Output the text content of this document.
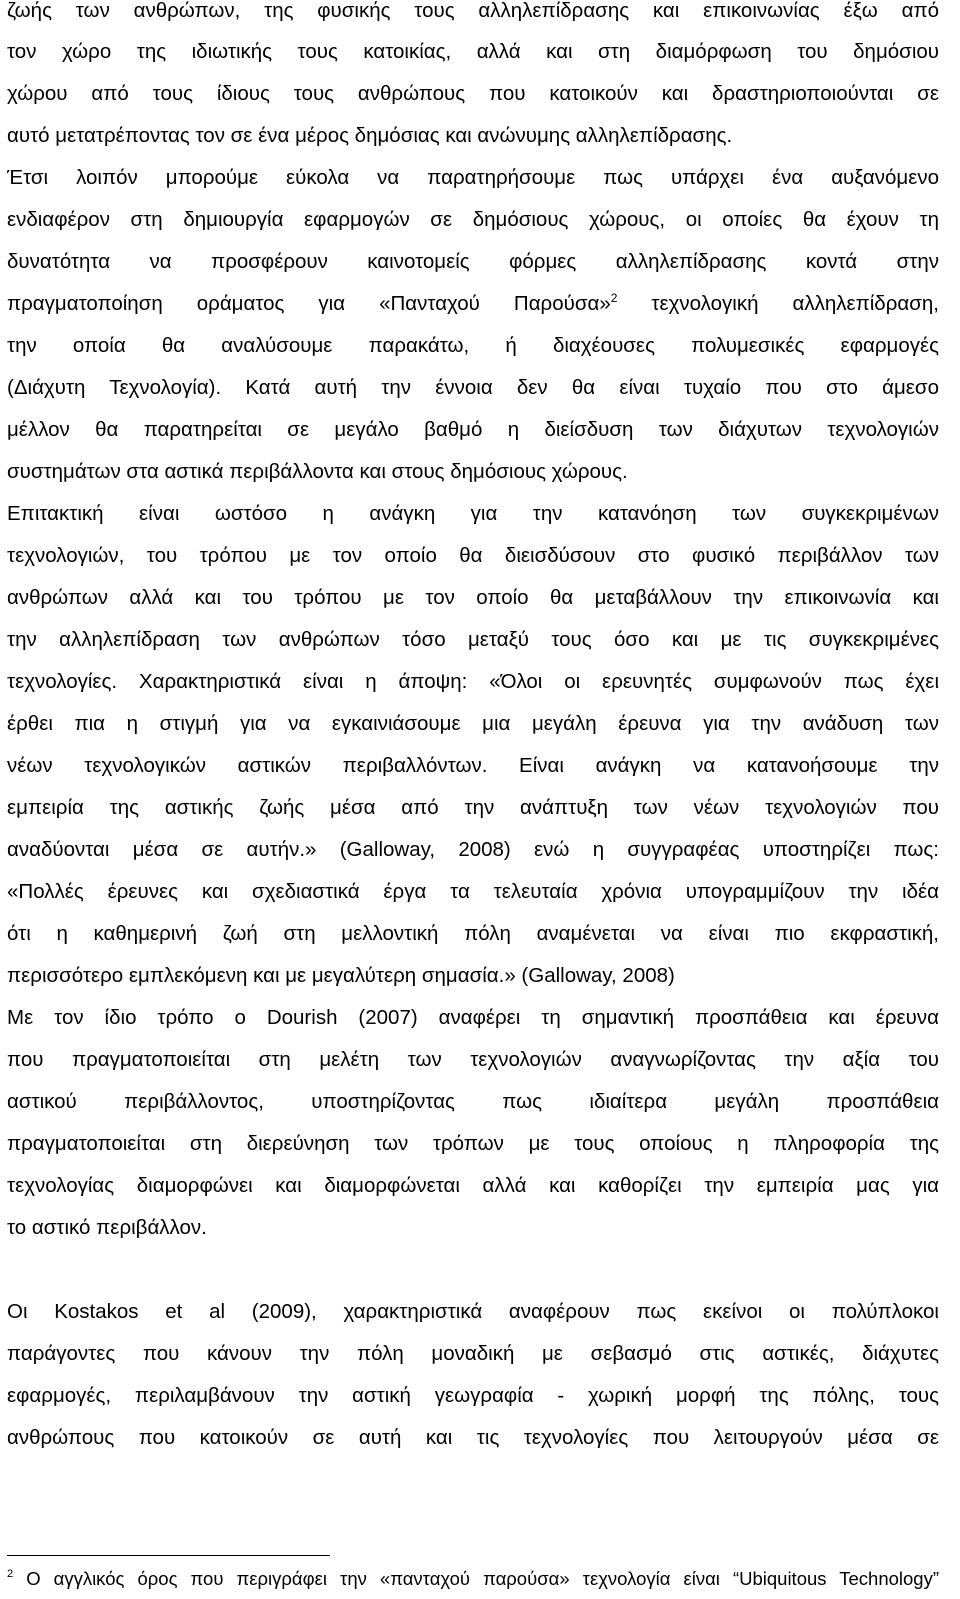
ζωής των ανθρώπων, της φυσικής τους αλληλεπίδρασης και επικοινωνίας έξω από
τον χώρο της ιδιωτικής τους κατοικίας, αλλά και στη διαμόρφωση του δημόσιου
χώρου από τους ίδιους τους ανθρώπους που κατοικούν και δραστηριοποιούνται σε
αυτό μετατρέποντας τον σε ένα μέρος δημόσιας και ανώνυμης αλληλεπίδρασης.
Έτσι λοιπόν μπορούμε εύκολα να παρατηρήσουμε πως υπάρχει ένα αυξανόμενο
ενδιαφέρον στη δημιουργία εφαρμογών σε δημόσιους χώρους, οι οποίες θα έχουν τη
δυνατότητα να προσφέρουν καινοτομείς φόρμες αλληλεπίδρασης κοντά στην
πραγματοποίηση οράματος για «Πανταχού Παρούσα»$^2$ τεχνολογική αλληλεπίδραση,
την οποία θα αναλύσουμε παρακάτω, ή διαχέουσες πολυμεσικές εφαρμογές
(Διάχυτη Τεχνολογία). Κατά αυτή την έννοια δεν θα είναι τυχαίο που στο άμεσο
μέλλον θα παρατηρείται σε μεγάλο βαθμό η διείσδυση των διάχυτων τεχνολογιών
συστημάτων στα αστικά περιβάλλοντα και στους δημόσιους χώρους.
Επιτακτική είναι ωστόσο η ανάγκη για την κατανόηση των συγκεκριμένων
τεχνολογιών, του τρόπου με τον οποίο θα διεισδύσουν στο φυσικό περιβάλλον των
ανθρώπων αλλά και του τρόπου με τον οποίο θα μεταβάλλουν την επικοινωνία και
την αλληλεπίδραση των ανθρώπων τόσο μεταξύ τους όσο και με τις συγκεκριμένες
τεχνολογίες. Χαρακτηριστικά είναι η άποψη: «Όλοι οι ερευνητές συμφωνούν πως έχει
έρθει πια η στιγμή για να εγκαινιάσουμε μια μεγάλη έρευνα για την ανάδυση των
νέων τεχνολογικών αστικών περιβαλλόντων. Είναι ανάγκη να κατανοήσουμε την
εμπειρία της αστικής ζωής μέσα από την ανάπτυξη των νέων τεχνολογιών που
αναδύονται μέσα σε αυτήν.» (Galloway, 2008) ενώ η συγγραφέας υποστηρίζει πως:
«Πολλές έρευνες και σχεδιαστικά έργα τα τελευταία χρόνια υπογραμμίζουν την ιδέα
ότι η καθημερινή ζωή στη μελλοντική πόλη αναμένεται να είναι πιο εκφραστική,
περισσότερο εμπλεκόμενη και με μεγαλύτερη σημασία.» (Galloway, 2008)
Με τον ίδιο τρόπο ο Dourish (2007) αναφέρει τη σημαντική προσπάθεια και έρευνα
που πραγματοποιείται στη μελέτη των τεχνολογιών αναγνωρίζοντας την αξία του
αστικού περιβάλλοντος, υποστηρίζοντας πως ιδιαίτερα μεγάλη προσπάθεια
πραγματοποιείται στη διερεύνηση των τρόπων με τους οποίους η πληροφορία της
τεχνολογίας διαμορφώνει και διαμορφώνεται αλλά και καθορίζει την εμπειρία μας για
το αστικό περιβάλλον.
Οι Kostakos et al (2009), χαρακτηριστικά αναφέρουν πως εκείνοι οι πολύπλοκοι
παράγοντες που κάνουν την πόλη μοναδική με σεβασμό στις αστικές, διάχυτες
εφαρμογές, περιλαμβάνουν την αστική γεωγραφία - χωρική μορφή της πόλης, τους
ανθρώπους που κατοικούν σε αυτή και τις τεχνολογίες που λειτουργούν μέσα σε
$^2$ Ο αγγλικός όρος που περιγράφει την «πανταχού παρούσα» τεχνολογία είναι “Ubiquitous Technology”
